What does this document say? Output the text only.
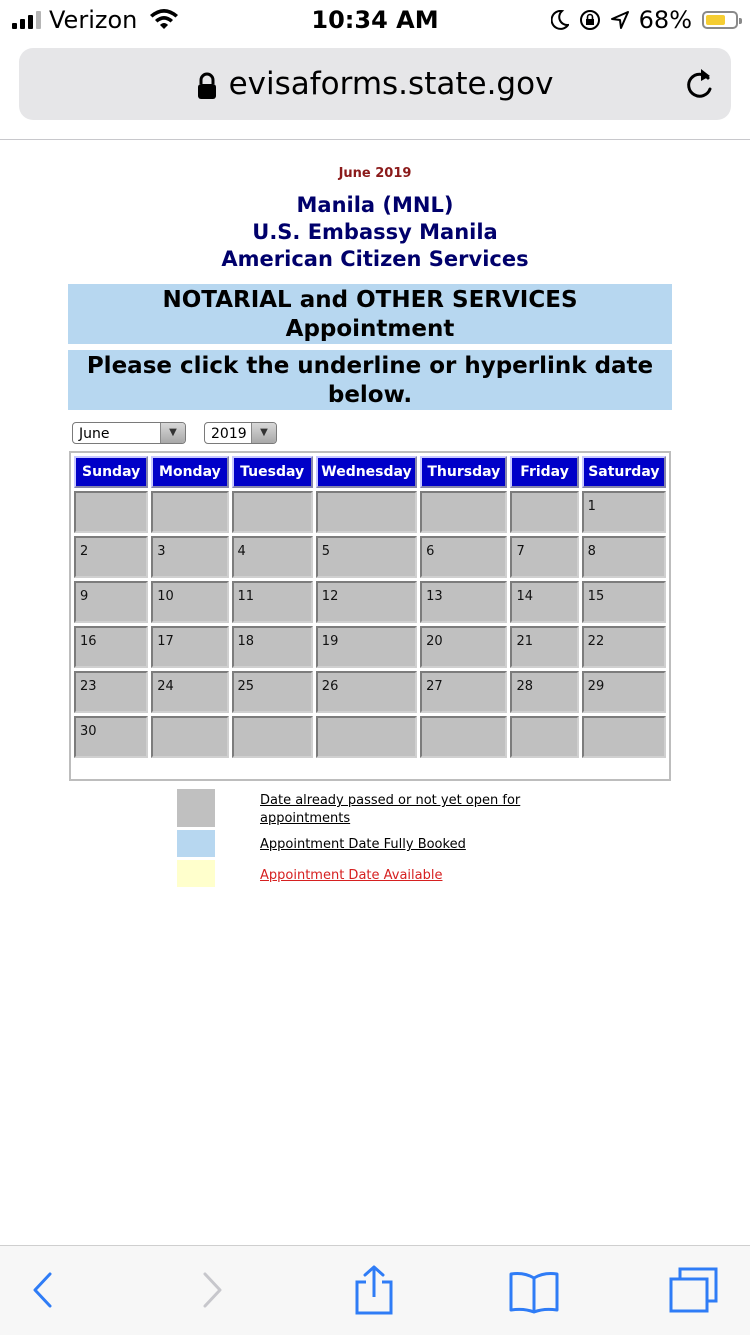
Verizon	10:34 AM	68%
evisaforms.state.gov
June 2019
Manila (MNL)
U.S. Embassy Manila
American Citizen Services
NOTARIAL and OTHER SERVICES
Appointment
Please click the underline or hyperlink date
below.
June	▼	2019	▼
Sunday	Monday	Tuesday	Wednesday	Thursday	Friday	Saturday
						1
2	3	4	5	6	7	8
9	10	11	12	13	14	15
16	17	18	19	20	21	22
23	24	25	26	27	28	29
30						
Date already passed or not yet open for appointments
Appointment Date Fully Booked
Appointment Date Available
